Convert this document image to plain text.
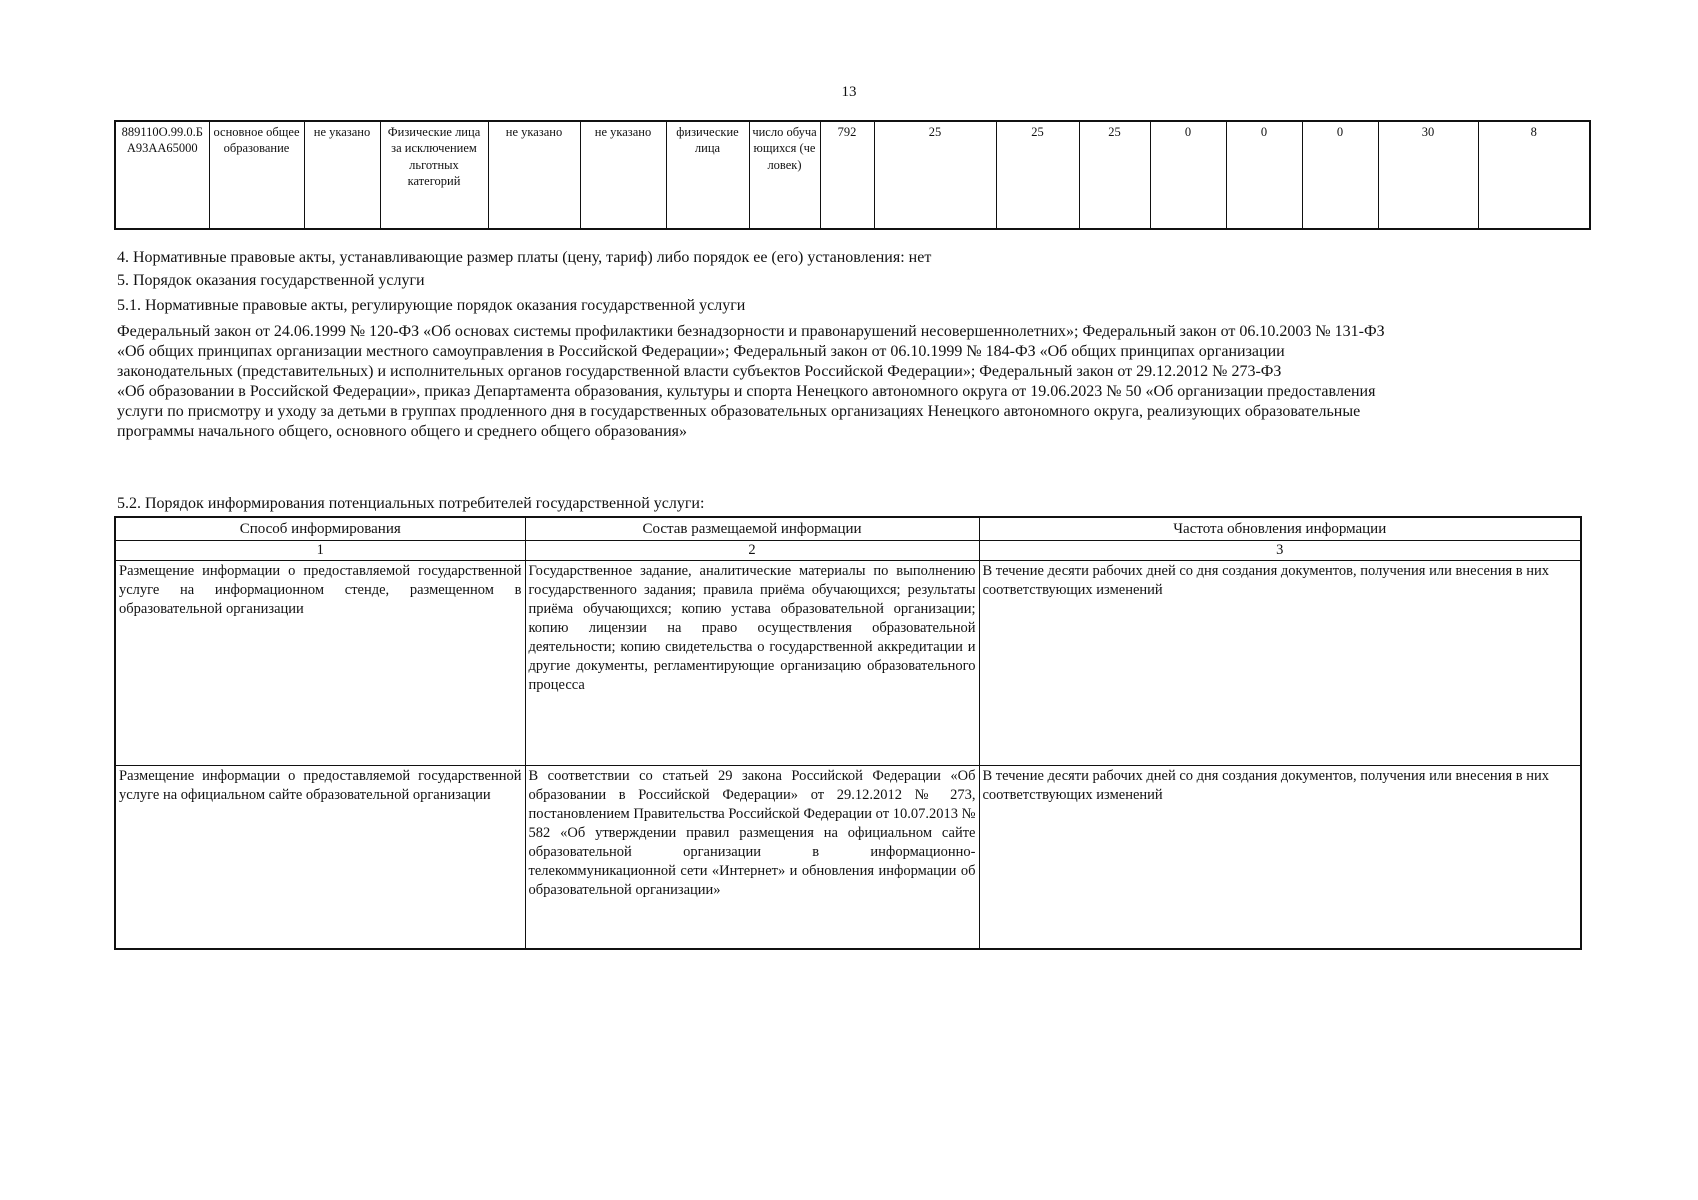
13
889110О.99.0.БА93АА65000	основное общее образование	не указано	Физические лица за исключением льготных категорий	не указано	не указано	физические лица	число обучающихся (человек)	792	25	25	25	0	0	0	30	8
4. Нормативные правовые акты, устанавливающие размер платы (цену, тариф) либо порядок ее (его) установления: нет
5. Порядок оказания государственной услуги
5.1. Нормативные правовые акты, регулирующие порядок оказания государственной услуги
Федеральный закон от 24.06.1999 № 120-ФЗ «Об основах системы профилактики безнадзорности и правонарушений несовершеннолетних»; Федеральный закон от 06.10.2003 № 131-ФЗ
«Об общих принципах организации местного самоуправления в Российской Федерации»; Федеральный закон от 06.10.1999 № 184-ФЗ «Об общих принципах организации
законодательных (представительных) и исполнительных органов государственной власти субъектов Российской Федерации»; Федеральный закон от 29.12.2012 № 273-ФЗ
«Об образовании в Российской Федерации», приказ Департамента образования, культуры и спорта Ненецкого автономного округа от 19.06.2023 № 50 «Об организации предоставления
услуги по присмотру и уходу за детьми в группах продленного дня в государственных образовательных организациях Ненецкого автономного округа, реализующих образовательные
программы начального общего, основного общего и среднего общего образования»
5.2. Порядок информирования потенциальных потребителей государственной услуги:
Способ информирования	Состав размещаемой информации	Частота обновления информации
1	2	3
Размещение информации о предоставляемой государственной услуге на информационном стенде, размещенном в образовательной организации	Государственное задание, аналитические материалы по выполнению государственного задания; правила приёма обучающихся; результаты приёма обучающихся; копию устава образовательной организации; копию лицензии на право осуществления образовательной деятельности; копию свидетельства о государственной аккредитации и другие документы, регламентирующие организацию образовательного процесса	В течение десяти рабочих дней со дня создания документов, получения или внесения в них соответствующих изменений
Размещение информации о предоставляемой государственной услуге на официальном сайте образовательной организации	В соответствии со статьей 29 закона Российской Федерации «Об образовании в Российской Федерации» от 29.12.2012 № 273, постановлением Правительства Российской Федерации от 10.07.2013 № 582 «Об утверждении правил размещения на официальном сайте образовательной организации в информационно-телекоммуникационной сети «Интернет» и обновления информации об образовательной организации»	В течение десяти рабочих дней со дня создания документов, получения или внесения в них соответствующих изменений
